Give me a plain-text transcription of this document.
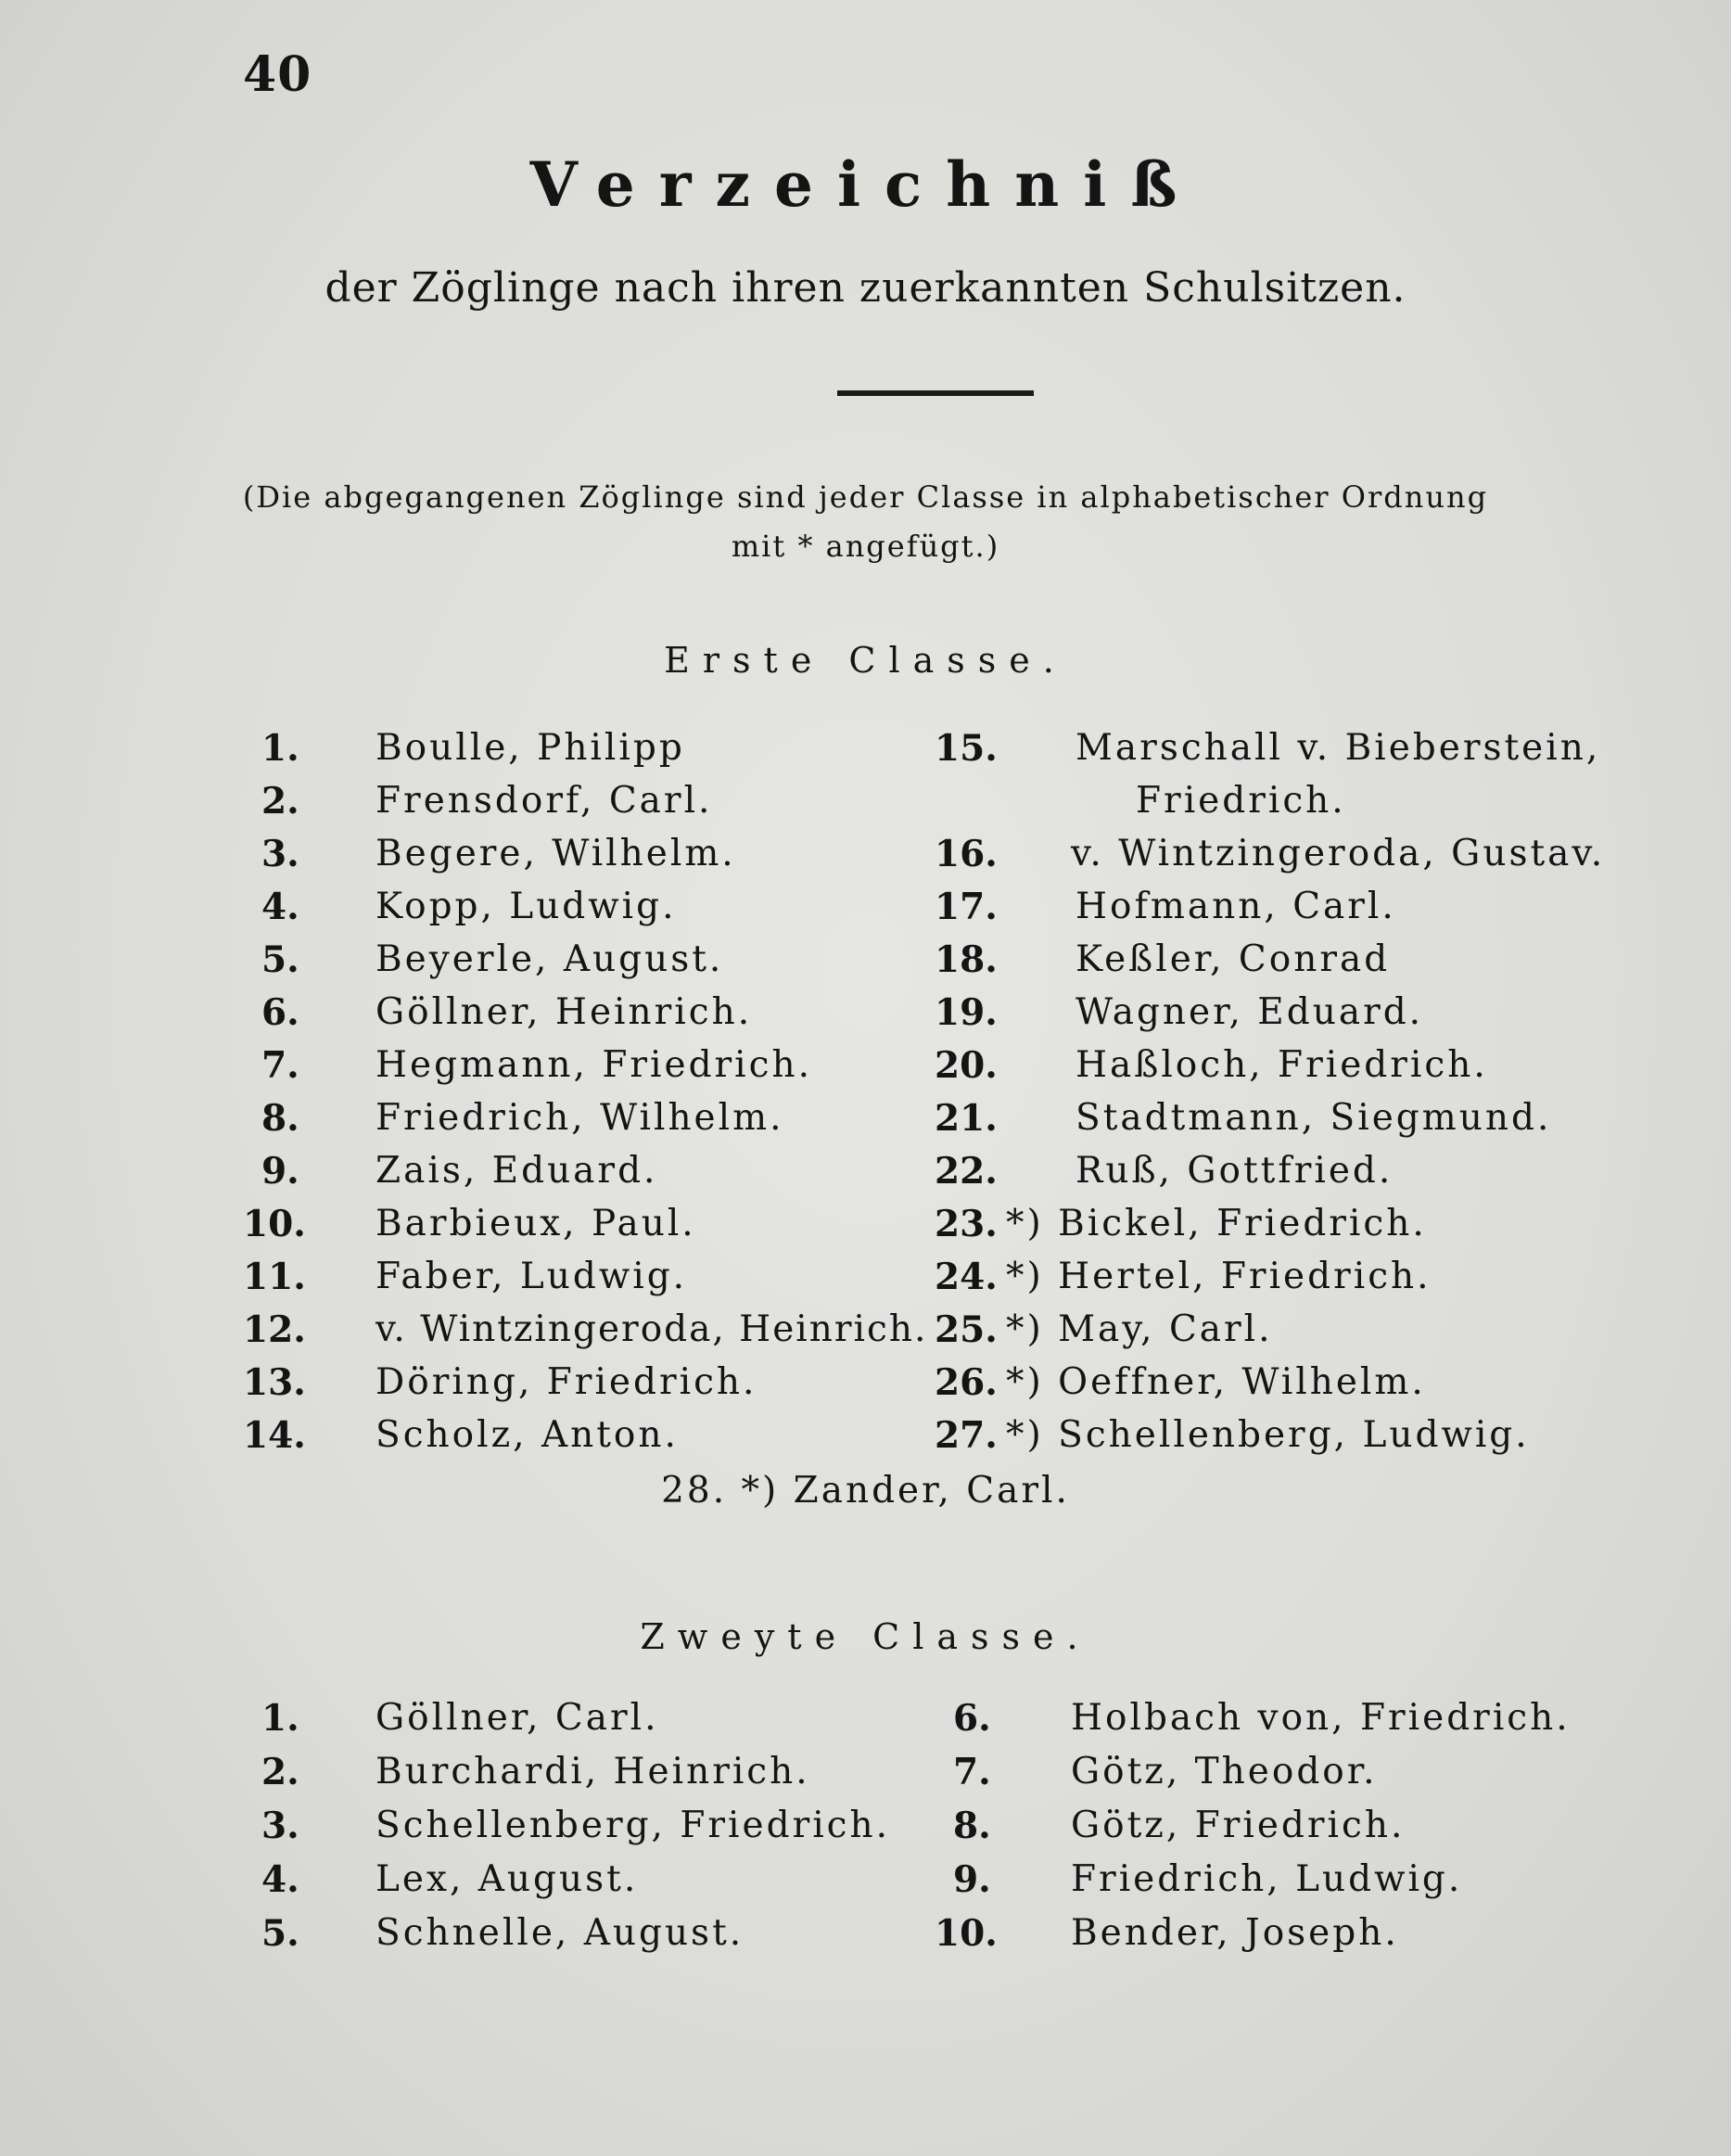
40
Verzeichniß
der Zöglinge nach ihren zuerkannten Schulsitzen.
(Die abgegangenen Zöglinge sind jeder Classe in alphabetischer Ordnung
mit * angefügt.)
Erste Classe.
1. Boulle, Philipp
2. Frensdorf, Carl.
3. Begere, Wilhelm.
4. Kopp, Ludwig.
5. Beyerle, August.
6. Göllner, Heinrich.
7. Hegmann, Friedrich.
8. Friedrich, Wilhelm.
9. Zais, Eduard.
10. Barbieux, Paul.
11. Faber, Ludwig.
12. v. Wintzingeroda, Heinrich.
13. Döring, Friedrich.
14. Scholz, Anton.
15. Marschall v. Bieberstein,
Friedrich.
16. v. Wintzingeroda, Gustav.
17. Hofmann, Carl.
18. Keßler, Conrad
19. Wagner, Eduard.
20. Haßloch, Friedrich.
21. Stadtmann, Siegmund.
22. Ruß, Gottfried.
23. *) Bickel, Friedrich.
24. *) Hertel, Friedrich.
25. *) May, Carl.
26. *) Oeffner, Wilhelm.
27. *) Schellenberg, Ludwig.
28. *) Zander, Carl.
Zweyte Classe.
1. Göllner, Carl.
2. Burchardi, Heinrich.
3. Schellenberg, Friedrich.
4. Lex, August.
5. Schnelle, August.
6. Holbach von, Friedrich.
7. Götz, Theodor.
8. Götz, Friedrich.
9. Friedrich, Ludwig.
10. Bender, Joseph.
